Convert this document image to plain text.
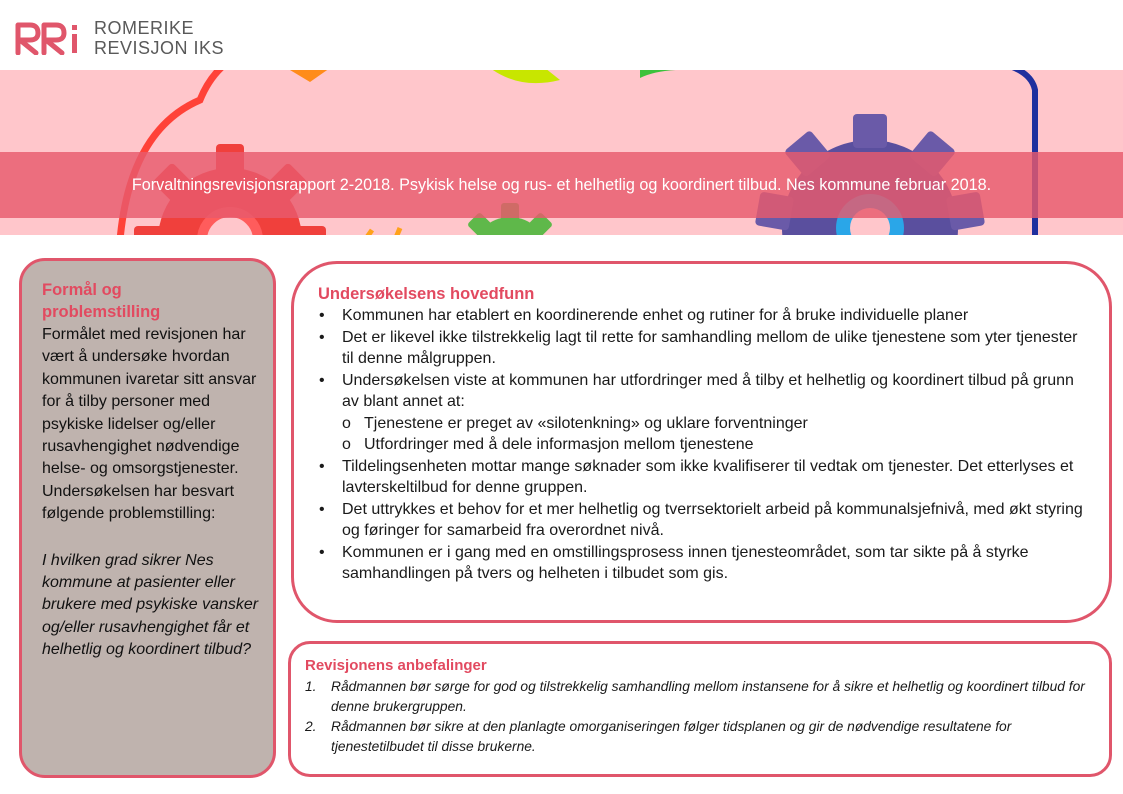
ROMERIKE
REVISJON IKS
Forvaltningsrevisjonsrapport 2-2018. Psykisk helse og rus- et helhetlig og koordinert tilbud. Nes kommune februar 2018.
Formål og
problemstilling
Formålet med revisjonen har vært å undersøke hvordan kommunen ivaretar sitt ansvar for å tilby personer med psykiske lidelser og/eller rusavhengighet nødvendige helse- og omsorgstjenester. Undersøkelsen har besvart følgende problemstilling:
I hvilken grad sikrer Nes kommune at pasienter eller brukere med psykiske vansker og/eller rusavhengighet får et helhetlig og koordinert tilbud?
Undersøkelsens hovedfunn
• Kommunen har etablert en koordinerende enhet og rutiner for å bruke individuelle planer
• Det er likevel ikke tilstrekkelig lagt til rette for samhandling mellom de ulike tjenestene som yter tjenester til denne målgruppen.
• Undersøkelsen viste at kommunen har utfordringer med å tilby et helhetlig og koordinert tilbud på grunn av blant annet at:
o Tjenestene er preget av «silotenkning» og uklare forventninger
o Utfordringer med å dele informasjon mellom tjenestene
• Tildelingsenheten mottar mange søknader som ikke kvalifiserer til vedtak om tjenester. Det etterlyses et lavterskeltilbud for denne gruppen.
• Det uttrykkes et behov for et mer helhetlig og tverrsektorielt arbeid på kommunalsjefnivå, med økt styring og føringer for samarbeid fra overordnet nivå.
• Kommunen er i gang med en omstillingsprosess innen tjenesteområdet, som tar sikte på å styrke samhandlingen på tvers og helheten i tilbudet som gis.
Revisjonens anbefalinger
1. Rådmannen bør sørge for god og tilstrekkelig samhandling mellom instansene for å sikre et helhetlig og koordinert tilbud for denne brukergruppen.
2. Rådmannen bør sikre at den planlagte omorganiseringen følger tidsplanen og gir de nødvendige resultatene for tjenestetilbudet til disse brukerne.
